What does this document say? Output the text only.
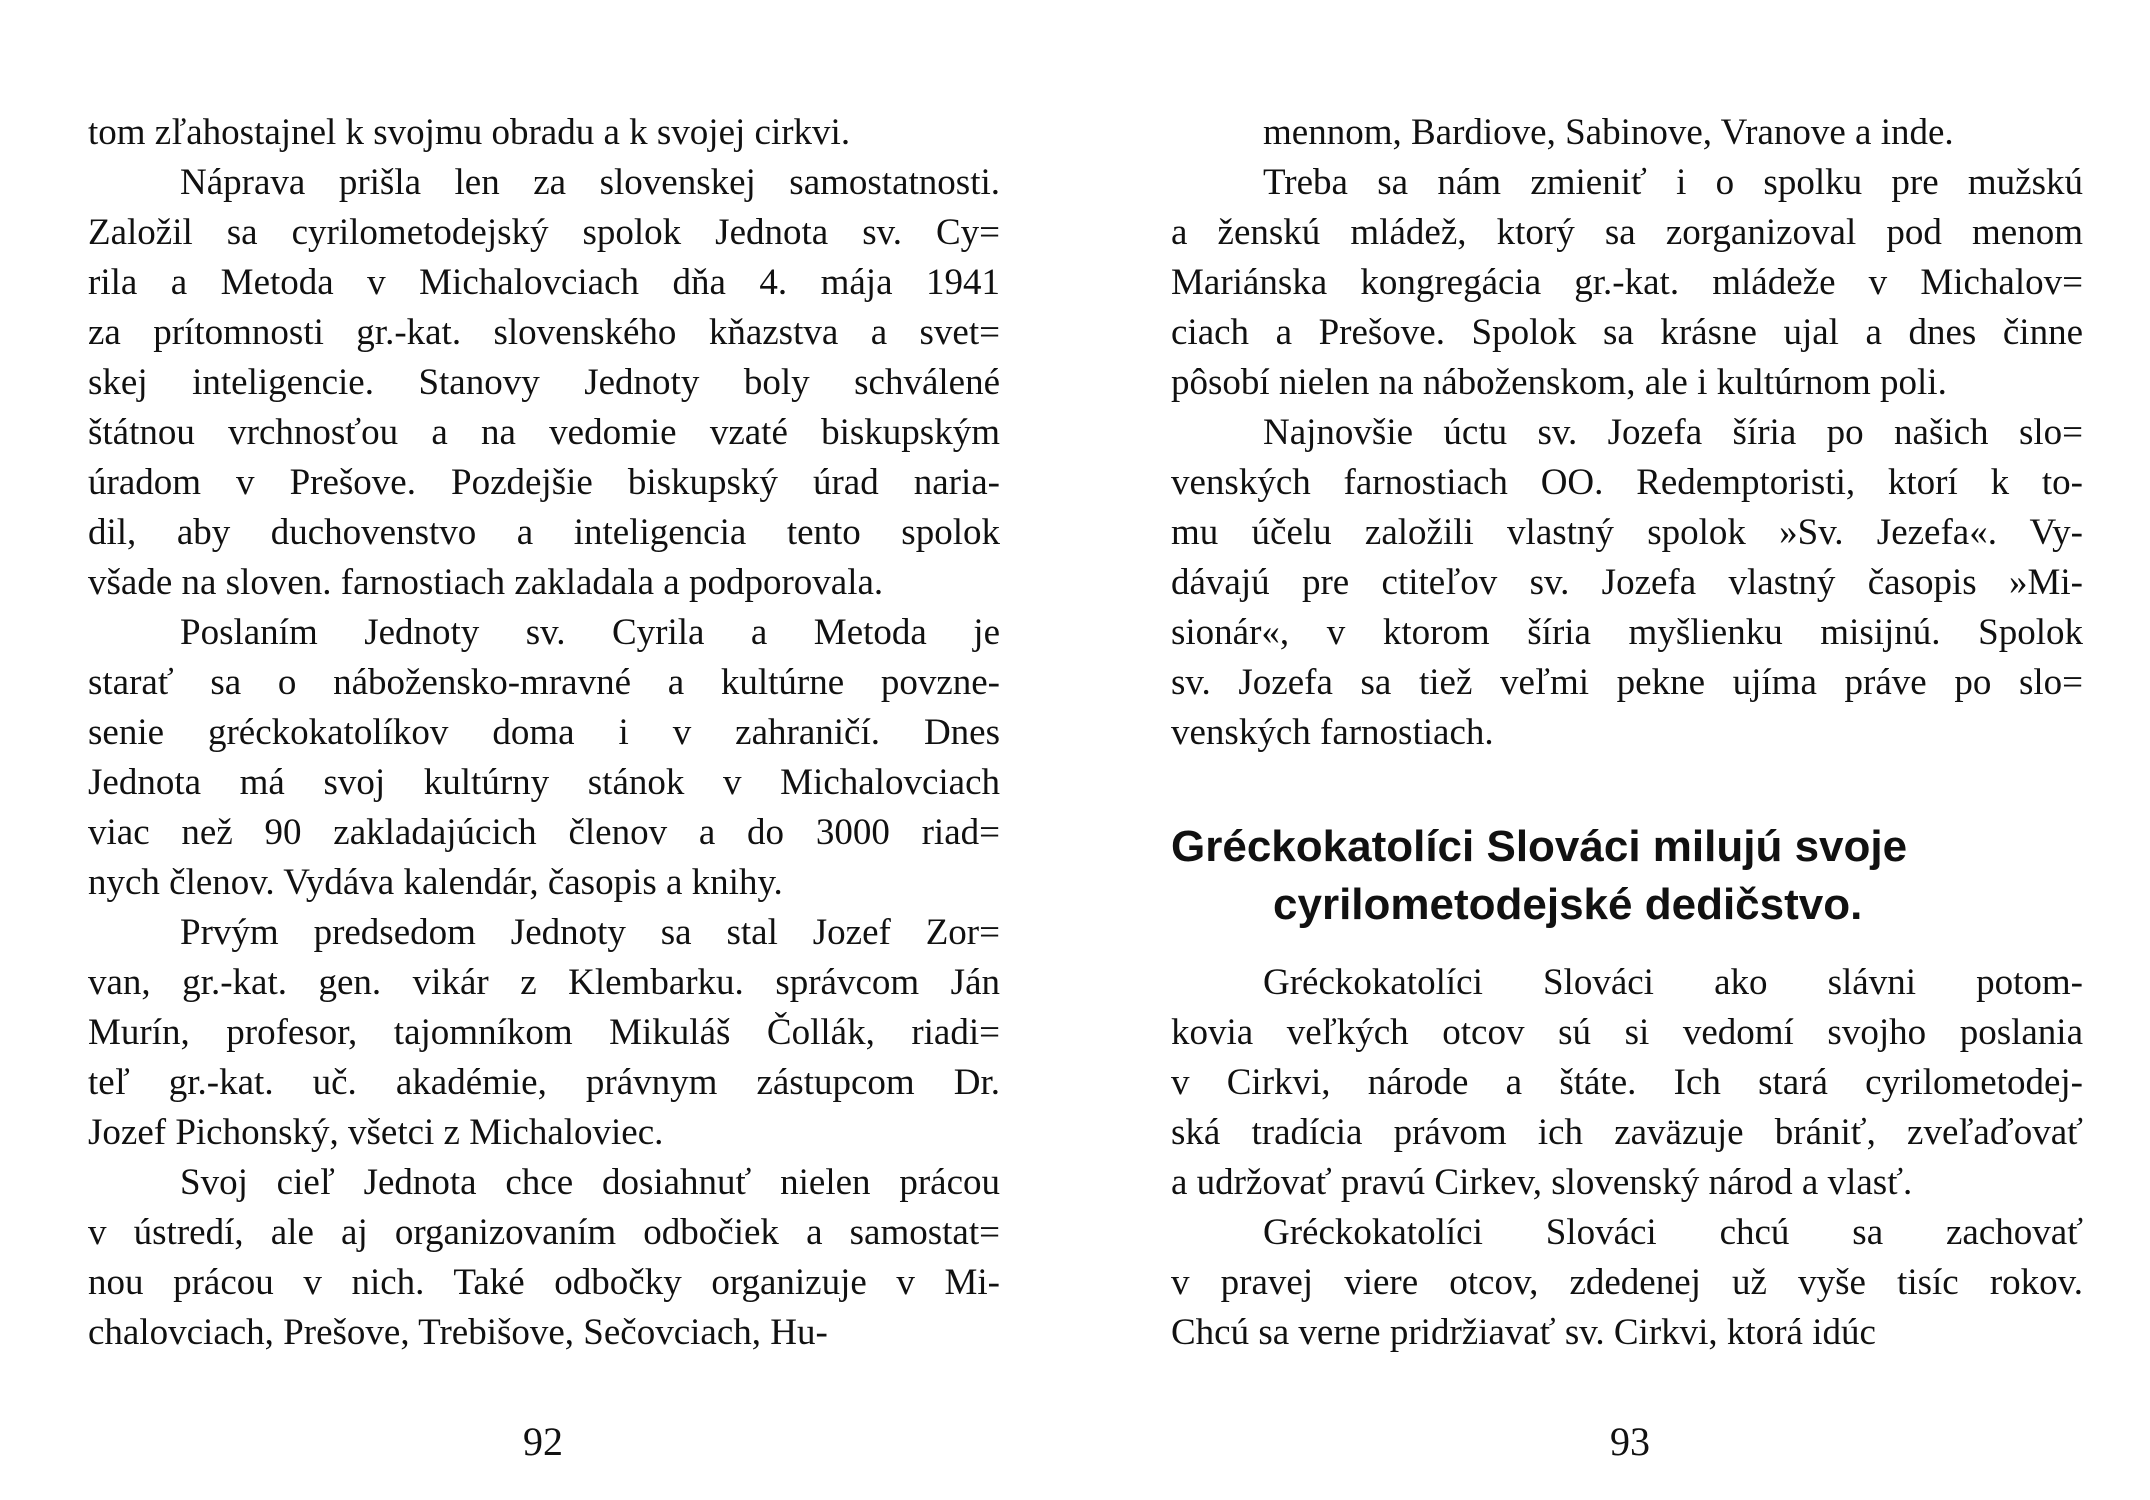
tom zľahostajnel k svojmu obradu a k svojej cirkvi.
Náprava prišla len za slovenskej samostatnosti.
Založil sa cyrilometodejský spolok Jednota sv. Cy=
rila a Metoda v Michalovciach dňa 4. mája 1941
za prítomnosti gr.-kat. slovenského kňazstva a svet=
skej inteligencie. Stanovy Jednoty boly schválené
štátnou vrchnosťou a na vedomie vzaté biskupským
úradom v Prešove. Pozdejšie biskupský úrad naria-
dil, aby duchovenstvo a inteligencia tento spolok
všade na sloven. farnostiach zakladala a podporovala.
Poslaním Jednoty sv. Cyrila a Metoda je
starať sa o nábožensko-mravné a kultúrne povzne-
senie gréckokatolíkov doma i v zahraničí. Dnes
Jednota má svoj kultúrny stánok v Michalovciach
viac než 90 zakladajúcich členov a do 3000 riad=
nych členov. Vydáva kalendár, časopis a knihy.
Prvým predsedom Jednoty sa stal Jozef Zor=
van, gr.-kat. gen. vikár z Klembarku. správcom Ján
Murín, profesor, tajomníkom Mikuláš Čollák, riadi=
teľ gr.-kat. uč. akadémie, právnym zástupcom Dr.
Jozef Pichonský, všetci z Michaloviec.
Svoj cieľ Jednota chce dosiahnuť nielen prácou
v ústredí, ale aj organizovaním odbočiek a samostat=
nou prácou v nich. Také odbočky organizuje v Mi-
chalovciach, Prešove, Trebišove, Sečovciach, Hu-
92
mennom, Bardiove, Sabinove, Vranove a inde.
Treba sa nám zmieniť i o spolku pre mužskú
a ženskú mládež, ktorý sa zorganizoval pod menom
Mariánska kongregácia gr.-kat. mládeže v Michalov=
ciach a Prešove. Spolok sa krásne ujal a dnes činne
pôsobí nielen na náboženskom, ale i kultúrnom poli.
Najnovšie úctu sv. Jozefa šíria po našich slo=
venských farnostiach OO. Redemptoristi, ktorí k to-
mu účelu založili vlastný spolok »Sv. Jezefa«. Vy-
dávajú pre ctiteľov sv. Jozefa vlastný časopis »Mi-
sionár«, v ktorom šíria myšlienku misijnú. Spolok
sv. Jozefa sa tiež veľmi pekne ujíma práve po slo=
venských farnostiach.
Gréckokatolíci Slováci milujú svoje
cyrilometodejské dedičstvo.
Gréckokatolíci Slováci ako slávni potom-
kovia veľkých otcov sú si vedomí svojho poslania
v Cirkvi, národe a štáte. Ich stará cyrilometodej-
ská tradícia právom ich zaväzuje brániť, zveľaďovať
a udržovať pravú Cirkev, slovenský národ a vlasť.
Gréckokatolíci Slováci chcú sa zachovať
v pravej viere otcov, zdedenej už vyše tisíc rokov.
Chcú sa verne pridržiavať sv. Cirkvi, ktorá idúc
93
